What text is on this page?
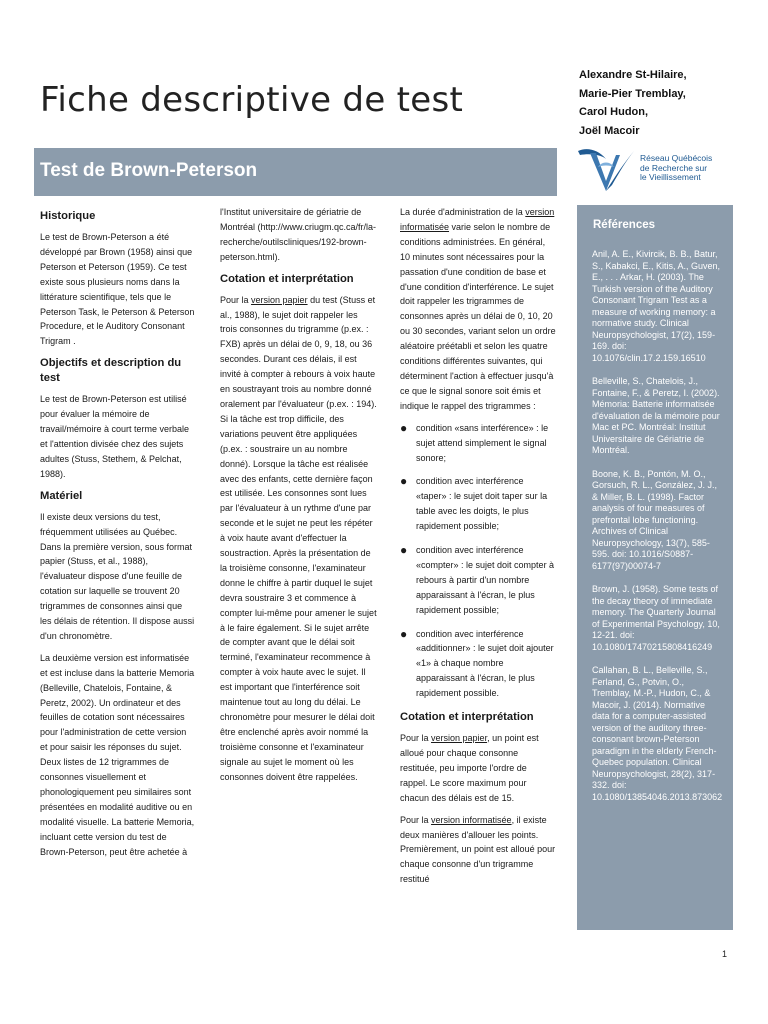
Fiche descriptive de test
Alexandre St-Hilaire,
Marie-Pier Tremblay,
Carol Hudon,
Joël Macoir
Test de Brown-Peterson
Réseau Québécois
de Recherche sur
le Vieillissement
Historique

Le test de Brown-Peterson a été développé par Brown (1958) ainsi que Peterson et Peterson (1959). Ce test existe sous plusieurs noms dans la littérature scientifique, tels que le Peterson Task, le Peterson & Peterson Procedure, et le Auditory Consonant Trigram .

Objectifs et description du test

Le test de Brown-Peterson est utilisé pour évaluer la mémoire de travail/mémoire à court terme verbale et l'attention divisée chez des sujets adultes (Stuss, Stethem, & Pelchat, 1988).

Matériel

Il existe deux versions du test, fréquemment utilisées au Québec. Dans la première version, sous format papier (Stuss, et al., 1988), l'évaluateur dispose d'une feuille de cotation sur laquelle se trouvent 20 trigrammes de consonnes ainsi que les délais de rétention. Il dispose aussi d'un chronomètre.

La deuxième version est informatisée et est incluse dans la batterie Memoria (Belleville, Chatelois, Fontaine, & Peretz, 2002). Un ordinateur et des feuilles de cotation sont nécessaires pour l'administration de cette version et pour saisir les réponses du sujet. Deux listes de 12 trigrammes de consonnes visuellement et phonologiquement peu similaires sont présentées en modalité auditive ou en modalité visuelle. La batterie Memoria, incluant cette version du test de Brown-Peterson, peut être achetée à

l'Institut universitaire de gériatrie de Montréal (http://www.criugm.qc.ca/fr/la-recherche/outilscliniques/192-brown-peterson.html).

Cotation et interprétation

Pour la version papier du test (Stuss et al., 1988), le sujet doit rappeler les trois consonnes du trigramme (p.ex. : FXB) après un délai de 0, 9, 18, ou 36 secondes. Durant ces délais, il est invité à compter à rebours à voix haute en soustrayant trois au nombre donné oralement par l'évaluateur (p.ex. : 194). Si la tâche est trop difficile, des variations peuvent être appliquées (p.ex. : soustraire un au nombre donné). Lorsque la tâche est réalisée avec des enfants, cette dernière façon est utilisée. Les consonnes sont lues par l'évaluateur à un rythme d'une par seconde et le sujet ne peut les répéter à voix haute avant d'effectuer la soustraction. Après la présentation de la troisième consonne, l'examinateur donne le chiffre à partir duquel le sujet devra soustraire 3 et commence à compter lui-même pour amener le sujet à le faire également. Si le sujet arrête de compter avant que le délai soit terminé, l'examinateur recommence à compter à voix haute avec le sujet. Il est important que l'interférence soit maintenue tout au long du délai. Le chronomètre pour mesurer le délai doit être enclenché après avoir nommé la troisième consonne et l'examinateur signale au sujet le moment où les consonnes doivent être rappelées.

La durée d'administration de la version informatisée varie selon le nombre de conditions administrées. En général, 10 minutes sont nécessaires pour la passation d'une condition de base et d'une condition d'interférence. Le sujet doit rappeler les trigrammes de consonnes après un délai de 0, 10, 20 ou 30 secondes, variant selon un ordre aléatoire préétabli et selon les quatre conditions différentes suivantes, qui déterminent l'action à effectuer jusqu'à ce que le signal sonore soit émis et indique le rappel des trigrammes :

● condition «sans interférence» : le sujet attend simplement le signal sonore;
● condition avec interférence «taper» : le sujet doit taper sur la table avec les doigts, le plus rapidement possible;
● condition avec interférence «compter» : le sujet doit compter à rebours à partir d'un nombre apparaissant à l'écran, le plus rapidement possible;
● condition avec interférence «additionner» : le sujet doit ajouter «1» à chaque nombre apparaissant à l'écran, le plus rapidement possible.
Cotation et interprétation

Pour la version papier, un point est alloué pour chaque consonne restituée, peu importe l'ordre de rappel. Le score maximum pour chacun des délais est de 15.

Pour la version informatisée, il existe deux manières d'allouer les points. Premièrement, un point est alloué pour chaque consonne d'un trigramme restitué

Références

Anil, A. E., Kivircik, B. B., Batur, S., Kabakci, E., Kitis, A., Guven, E., . . . Arkar, H. (2003). The Turkish version of the Auditory Consonant Trigram Test as a measure of working memory: a normative study. Clinical Neuropsychologist, 17(2), 159-169. doi: 10.1076/clin.17.2.159.16510

Belleville, S., Chatelois, J., Fontaine, F., & Peretz, I. (2002). Mémoria: Batterie informatisée d'évaluation de la mémoire pour Mac et PC. Montréal: Institut Universitaire de Gériatrie de Montréal.

Boone, K. B., Pontón, M. O., Gorsuch, R. L., González, J. J., & Miller, B. L. (1998). Factor analysis of four measures of prefrontal lobe functioning. Archives of Clinical Neuropsychology, 13(7), 585-595. doi: 10.1016/S0887-6177(97)00074-7

Brown, J. (1958). Some tests of the decay theory of immediate memory. The Quarterly Journal of Experimental Psychology, 10, 12-21. doi: 10.1080/17470215808416249

Callahan, B. L., Belleville, S., Ferland, G., Potvin, O., Tremblay, M.-P., Hudon, C., & Macoir, J. (2014). Normative data for a computer-assisted version of the auditory three-consonant brown-Peterson paradigm in the elderly French-Quebec population. Clinical Neuropsychologist, 28(2), 317-332. doi: 10.1080/13854046.2013.873062

1
